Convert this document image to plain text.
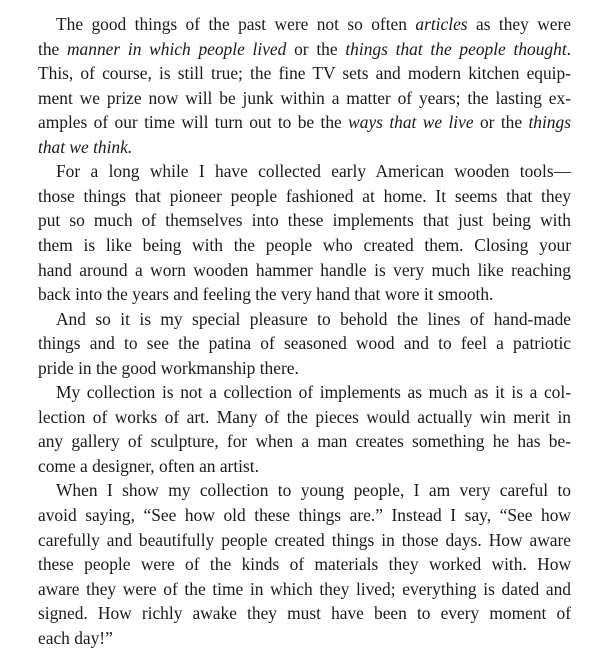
The good things of the past were not so often articles as they were
the manner in which people lived or the things that the people thought.
This, of course, is still true; the fine TV sets and modern kitchen equip-
ment we prize now will be junk within a matter of years; the lasting ex-
amples of our time will turn out to be the ways that we live or the things
that we think.
For a long while I have collected early American wooden tools—
those things that pioneer people fashioned at home. It seems that they
put so much of themselves into these implements that just being with
them is like being with the people who created them. Closing your
hand around a worn wooden hammer handle is very much like reaching
back into the years and feeling the very hand that wore it smooth.
And so it is my special pleasure to behold the lines of hand-made
things and to see the patina of seasoned wood and to feel a patriotic
pride in the good workmanship there.
My collection is not a collection of implements as much as it is a col-
lection of works of art. Many of the pieces would actually win merit in
any gallery of sculpture, for when a man creates something he has be-
come a designer, often an artist.
When I show my collection to young people, I am very careful to
avoid saying, “See how old these things are.” Instead I say, “See how
carefully and beautifully people created things in those days. How aware
these people were of the kinds of materials they worked with. How
aware they were of the time in which they lived; everything is dated and
signed. How richly awake they must have been to every moment of
each day!”
